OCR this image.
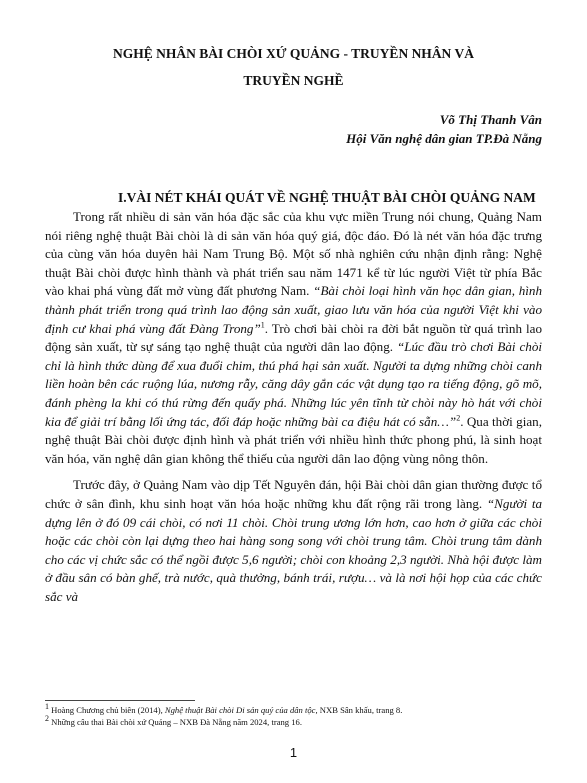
NGHỆ NHÂN BÀI CHÒI XỨ QUẢNG - TRUYỀN NHÂN VÀ
TRUYỀN NGHỀ
Võ Thị Thanh Vân
Hội Văn nghệ dân gian TP.Đà Nẵng
I.VÀI NÉT KHÁI QUÁT VỀ NGHỆ THUẬT BÀI CHÒI QUẢNG NAM

Trong rất nhiều di sản văn hóa đặc sắc của khu vực miền Trung nói chung, Quảng Nam nói riêng nghệ thuật Bài chòi là di sản văn hóa quý giá, độc đáo. Đó là nét văn hóa đặc trưng của cùng văn hóa duyên hải Nam Trung Bộ. Một số nhà nghiên cứu nhận định rằng: Nghệ thuật Bài chòi được hình thành và phát triển sau năm 1471 kể từ lúc người Việt từ phía Bắc vào khai phá vùng đất mở vùng đất phương Nam. “Bài chòi loại hình văn học dân gian, hình thành phát triển trong quá trình lao động sản xuất, giao lưu văn hóa của người Việt khi vào định cư khai phá vùng đất Đàng Trong”$^1$. Trò chơi bài chòi ra đời bắt nguồn từ quá trình lao động sản xuất, từ sự sáng tạo nghệ thuật của người dân lao động. “Lúc đầu trò chơi Bài chòi chỉ là hình thức dùng để xua đuổi chim, thú phá hại sản xuất. Người ta dựng những chòi canh liền hoàn bên các ruộng lúa, nương rẫy, căng dây gắn các vật dụng tạo ra tiếng động, gõ mõ, đánh phèng la khi có thú rừng đến quấy phá. Những lúc yên tĩnh từ chòi này hò hát với chòi kia để giải trí bằng lối ứng tác, đối đáp hoặc những bài ca điệu hát có sẵn…”$^2$. Qua thời gian, nghệ thuật Bài chòi được định hình và phát triển với nhiều hình thức phong phú, là sinh hoạt văn hóa, văn nghệ dân gian không thể thiếu của người dân lao động vùng nông thôn.

Trước đây, ở Quảng Nam vào dịp Tết Nguyên đán, hội Bài chòi dân gian thường được tổ chức ở sân đình, khu sinh hoạt văn hóa hoặc những khu đất rộng rãi trong làng. “Người ta dựng lên ở đó 09 cái chòi, có nơi 11 chòi. Chòi trung ương lớn hơn, cao hơn ở giữa các chòi hoặc các chòi còn lại dựng theo hai hàng song song với chòi trung tâm. Chòi trung tâm dành cho các vị chức sắc có thể ngồi được 5,6 người; chòi con khoảng 2,3 người. Nhà hội được làm ở đầu sân có bàn ghế, trà nước, quà thưởng, bánh trái, rượu… và là nơi hội họp của các chức sắc và

$^1$ Hoàng Chương chủ biên (2014), Nghệ thuật Bài chòi Di sản quý của dân tộc, NXB Sân khấu, trang 8.
$^2$ Những câu thai Bài chòi xứ Quảng – NXB Đà Nẵng năm 2024, trang 16.
1
